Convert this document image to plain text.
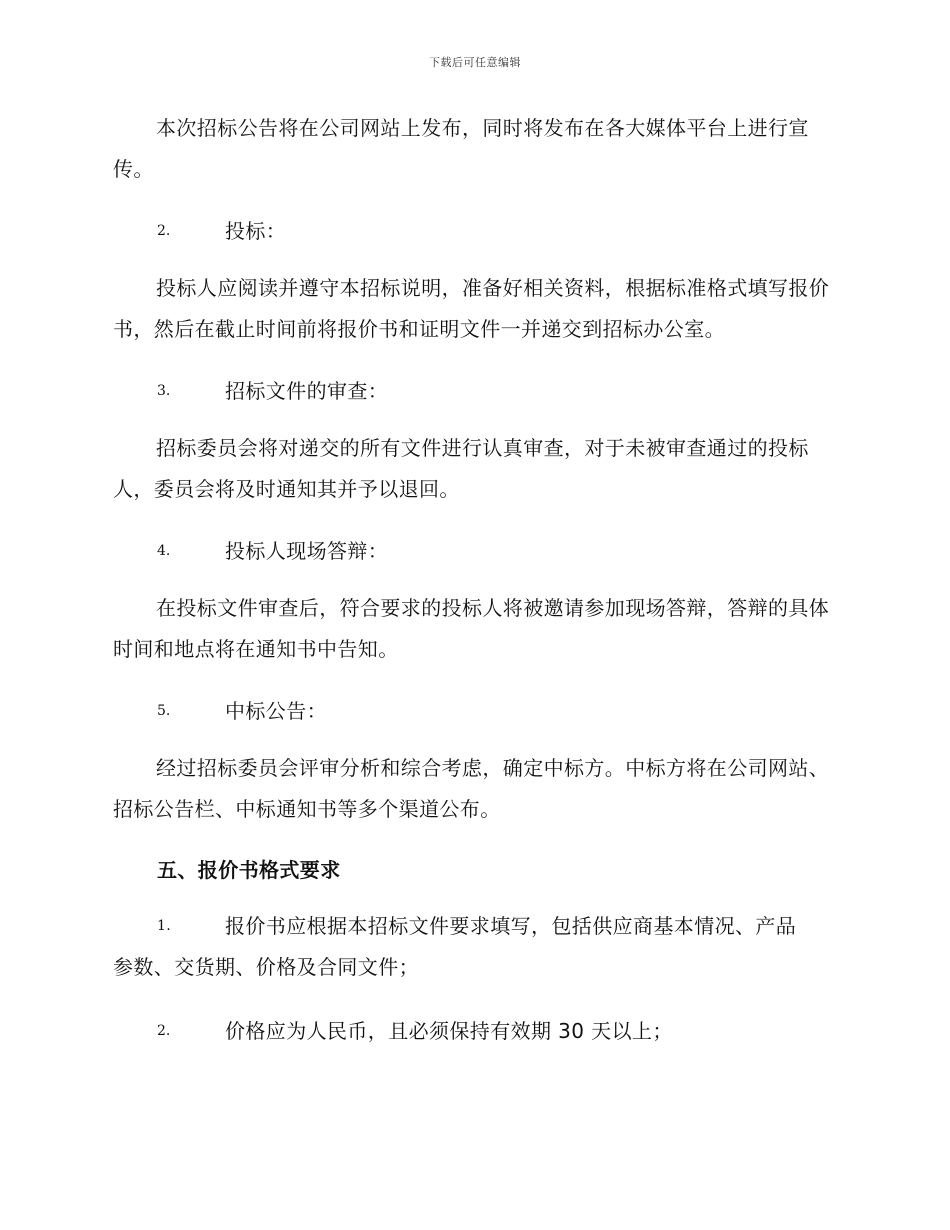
下载后可任意编辑

本次招标公告将在公司网站上发布，同时将发布在各大媒体平台上进行宣传。

2.	投标：

投标人应阅读并遵守本招标说明，准备好相关资料，根据标准格式填写报价书，然后在截止时间前将报价书和证明文件一并递交到招标办公室。

3.	招标文件的审查：

招标委员会将对递交的所有文件进行认真审查，对于未被审查通过的投标人，委员会将及时通知其并予以退回。

4.	投标人现场答辩：

在投标文件审查后，符合要求的投标人将被邀请参加现场答辩，答辩的具体时间和地点将在通知书中告知。

5.	中标公告：

经过招标委员会评审分析和综合考虑，确定中标方。中标方将在公司网站、招标公告栏、中标通知书等多个渠道公布。

五、报价书格式要求
1.	报价书应根据本招标文件要求填写，包括供应商基本情况、产品
参数、交货期、价格及合同文件；
2.	价格应为人民币，且必须保持有效期 30 天以上；
